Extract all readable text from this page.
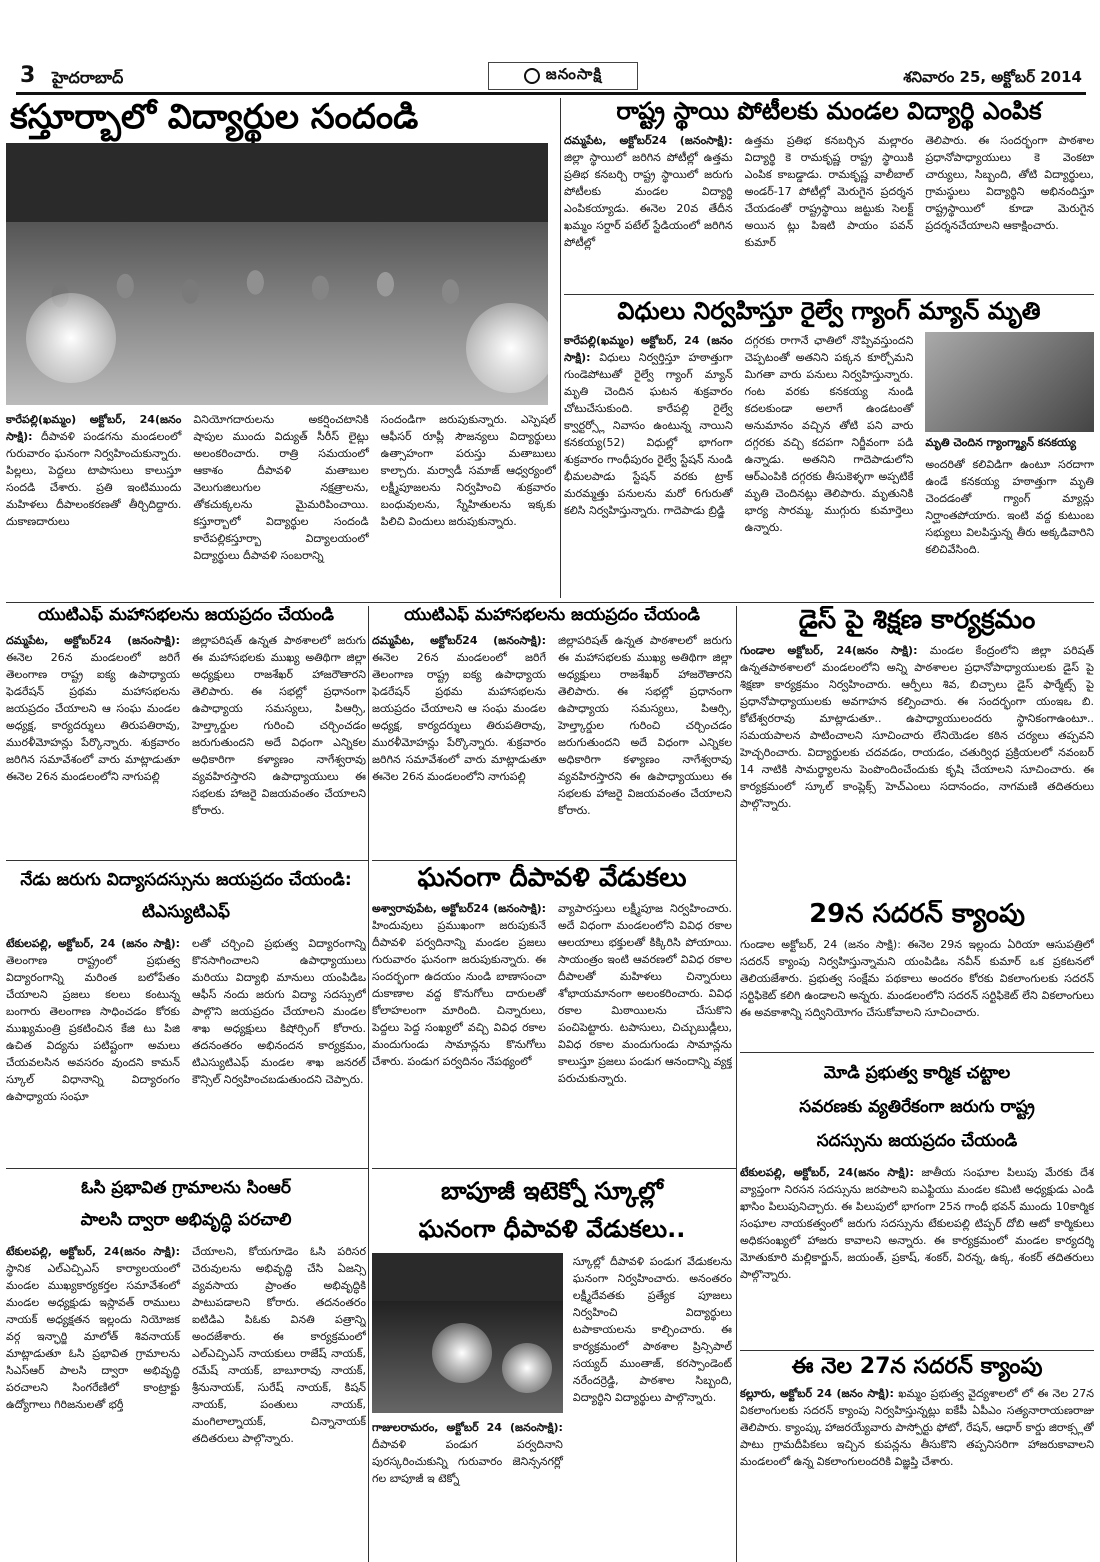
3 హైదరాబాద్	జనంసాక్షి	శనివారం 25, అక్టోబర్ 2014
కస్తూర్బాలో విద్యార్థుల సందండి
కారేపల్లి(ఖమ్మం) అక్టోబర్, 24(జనం సాక్షి): దీపావళి పండగను మండలంలో గురువారం ఘనంగా నిర్వహించుకున్నారు. పిల్లలు, పెద్దలు టాపాసులు కాలుస్తూ సందడి చేశారు. ప్రతి ఇంటిముందు మహిళలు దీపాలంకరణతో తీర్చిదిద్దారు. దుకాణదారులు
వినియోగదారులను అకర్షించటానికి షాపుల ముందు విద్యుత్ సీరీస్ లైట్లు అలంకరించారు. రాత్రి సమయంలో ఆకాశం దీపావళి మతాబుల వెలుగుజిలుగుల నక్షత్రాలను, తోకచుక్కలను మైమరిపించాయి. కస్తూర్బాలో విద్యార్థుల సందండి కారేపల్లికస్తూర్బా విద్యాలయంలో విద్యార్థులు దీపావళి సంబరాన్ని
సందండిగా జరుపుకున్నారు. ఎస్పెషల్ ఆఫీసర్ రూప్లీ సౌజన్యలు విద్యార్థులు ఉత్సాహంగా పరుస్తు మతాబులు కాల్చారు. మర్వాడీ సమాజ్ ఆధ్వర్యంలో లక్ష్మీపూజలను నిర్వహించి శుక్రవారం బంధువులను, స్నేహితులను ఇక్కకు పిలిచి విందులు జరుపుకున్నారు.
రాష్ట్ర స్థాయి పోటీలకు మండల విద్యార్థి ఎంపిక
దమ్మపేట, అక్టోబర్24 (జనంసాక్షి): జిల్లా స్థాయిలో జరిగిన పోటీల్లో ఉత్తమ ప్రతిభ కనబర్చి రాష్ట్ర స్థాయిలో జరుగు పోటీలకు మండల విద్యార్థి ఎంపికయ్యాడు. ఈనెల 20వ తేదీన ఖమ్మం సర్దార్ పటేల్ స్టేడియంలో జరిగిన పోటీల్లో
ఉత్తమ ప్రతిభ కనబర్చిన మల్లారం విద్యార్థి కె రామకృష్ణ రాష్ట్ర స్థాయికి ఎంపిక కాబడ్డాడు. రామకృష్ణ వాలీబాల్ అండర్-17 పోటీల్లో మెరుగైన ప్రదర్శన చేయడంతో రాష్ట్రస్థాయి జట్టుకు సెలక్ట్ అయిన ట్లు పిఇటి పాయం పవన్ కుమార్
తెలిపారు. ఈ సందర్భంగా పాఠశాల ప్రధానోపాధ్యాయులు కె వెంకటా చార్యులు, సిబ్బంది, తోటి విద్యార్థులు, గ్రామస్థులు విద్యార్థిని అభినందిస్తూ రాష్ట్రస్థాయిలో కూడా మెరుగైన ప్రదర్శనచేయాలని ఆకాక్షించారు.
విధులు నిర్వహిస్తూ రైల్వే గ్యాంగ్ మ్యాన్ మృతి
కారేపల్లి(ఖమ్మం) అక్టోబర్, 24 (జనం సాక్షి): విధులు నిర్వర్తిస్తూ హఠాత్తుగా గుండెపోటుతో రైల్వే గ్యాంగ్ మ్యాన్ మృతి చెందిన ఘటన శుక్రవారం చోటుచేసుకుంది. కారేపల్లి రైల్వే క్వార్టర్స్లో నివాసం ఉంటున్న నాయిని కనకయ్య(52) విధుల్లో భాగంగా శుక్రవారం గాంధీపురం రైల్వే స్టేషన్ నుండి భీమలపాడు స్టేషన్ వరకు ట్రాక్ మరమ్మత్తు పనులను మరో 6గురుతో కలిసి నిర్వహిస్తున్నారు. గాదెపాడు బ్రిడ్జి
దగ్గరకు రాగానే ఛాతిలో నొప్పివస్తుందని చెప్పటంతో అతనిని పక్కన కూర్చోమని మిగతా వారు పనులు నిర్వహిస్తున్నారు. గంట వరకు కనకయ్య నుండి కదలకుండా అలాగే ఉండటంతో అనుమానం వచ్చిన తోటి పని వారు దగ్గరకు వచ్చి కదపగా నిర్జీవంగా పడి ఉన్నాడు. అతనిని గాదెపాడులోని ఆర్ఎంపికి దగ్గరకు తీసుకెళ్ళగా అప్పటికే మృతి చెందినట్లు తెలిపారు. మృతునికి భార్య సారమ్మ, ముగ్గురు కుమార్తెలు ఉన్నారు.
మృతి చెందిన గ్యాంగ్మ్యాన్ కనకయ్య
అందరితో కలివిడిగా ఉంటూ సరదాగా ఉండే కనకయ్య హఠాత్తుగా మృతి చెందడంతో గ్యాంగ్ మ్యాన్లు నిర్ఘాంతపోయారు. ఇంటి వద్ద కుటుంబ సభ్యులు విలపిస్తున్న తీరు అక్కడివారిని కలిచివేసింది.
యుటిఎఫ్ మహాసభలను జయప్రదం చేయండి
దమ్మపేట, అక్టోబర్24 (జనంసాక్షి): ఈనెల 26న మండలంలో జరిగే తెలంగాణ రాష్ట్ర ఐక్య ఉపాధ్యాయ ఫెడరేషన్ ప్రథమ మహాసభలను జయప్రదం చేయాలని ఆ సంఘ మండల అధ్యక్ష, కార్యదర్శులు తిరుపతిరావు, మురళీమోహన్లు పేర్కొన్నారు. శుక్రవారం జరిగిన సమావేశంలో వారు మాట్లాడుతూ ఈనెల 26న మండలంలోని నాగుపల్లి
జిల్లాపరిషత్ ఉన్నత పాఠశాలలో జరుగు ఈ మహాసభలకు ముఖ్య అతిథిగా జిల్లా అధ్యక్షులు రాజశేఖర్ హాజరౌతారని తెలిపారు. ఈ సభల్లో ప్రధానంగా ఉపాధ్యాయ సమస్యలు, పిఆర్సి, హెల్త్కార్డుల గురించి చర్చించడం జరుగుతుందని అదే విధంగా ఎన్నికల అధికారిగా కళ్యాణం నాగేశ్వరావు వ్యవహిరస్తారని ఉపాధ్యాయులు ఈ సభలకు హాజరై విజయవంతం చేయాలని కోరారు.
యుటిఎఫ్ మహాసభలను జయప్రదం చేయండి
దమ్మపేట, అక్టోబర్24 (జనంసాక్షి): ఈనెల 26న మండలంలో జరిగే తెలంగాణ రాష్ట్ర ఐక్య ఉపాధ్యాయ ఫెడరేషన్ ప్రథమ మహాసభలను జయప్రదం చేయాలని ఆ సంఘ మండల అధ్యక్ష, కార్యదర్శులు తిరుపతిరావు, మురళీమోహన్లు పేర్కొన్నారు. శుక్రవారం జరిగిన సమావేశంలో వారు మాట్లాడుతూ ఈనెల 26న మండలంలోని నాగుపల్లి
జిల్లాపరిషత్ ఉన్నత పాఠశాలలో జరుగు ఈ మహాసభలకు ముఖ్య అతిథిగా జిల్లా అధ్యక్షులు రాజశేఖర్ హాజరౌతారని తెలిపారు. ఈ సభల్లో ప్రధానంగా ఉపాధ్యాయ సమస్యలు, పిఆర్సి, హెల్త్కార్డుల గురించి చర్చించడం జరుగుతుందని అదే విధంగా ఎన్నికల అధికారిగా కళ్యాణం నాగేశ్వరావు వ్యవహిరస్తారని ఈ ఉపాధ్యాయులు ఈ సభలకు హాజరై విజయవంతం చేయాలని కోరారు.
డైస్ పై శిక్షణ కార్యక్రమం
గుండాల అక్టోబర్, 24(జనం సాక్షి): మండల కేంద్రంలోని జిల్లా పరిషత్ ఉన్నతపాఠశాలలో మండలంలోని అన్ని పాఠశాలల ప్రధానోపాధ్యాయులకు డైస్ పై శిక్షణా కార్యక్రమం నిర్వహించారు. ఆర్పీలు శివ, బిచ్చాలు డైస్ ఫార్మేట్స్ పై ప్రధానోపాధ్యాయులకు అవగాహన కల్పించారు. ఈ సందర్భంగా యంఇఒ బి. కోటేశ్వరరావు మాట్లాడుతూ.. ఉపాధ్యాయులందరు స్థానికంగాఉంటూ.. సమయపాలన పాటించాలని సూచించారు లేనియెడల కఠిన చర్యలు తప్పవని హెచ్చరించారు. విద్యార్థులకు చదవడం, రాయడం, చతుర్విధ ప్రక్రియలలో నవంబర్ 14 నాటికి సామర్థ్యాలను పెంపొందించేందుకు కృషి చేయాలని సూచించారు. ఈ కార్యక్రమంలో స్కూల్ కాంప్లెక్స్ హెచ్ఎంలు సదానందం, నాగమణి తదితరులు పాల్గొన్నారు.
నేడు జరుగు విద్యాసదస్సును జయప్రదం చేయండి: టిఎస్యుటిఎఫ్
టేకులపల్లి, అక్టోబర్, 24 (జనం సాక్షి): తెలంగాణ రాష్ట్రంలో ప్రభుత్వ విద్యారంగాన్ని మరింత బలోపేతం చేయాలని ప్రజలు కలలు కంటున్న బంగారు తెలంగాణ సాధించడం కోరకు ముఖ్యమంత్రి ప్రకటించిన కేజి టు పిజి ఉచిత విద్యను పటిష్టంగా అమలు చేయవలసిన అవసరం వుందని కామన్ స్కూల్ విధానాన్ని విద్యారంగం ఉపాధ్యాయ సంఘా
లతో చర్చించి ప్రభుత్వ విద్యారంగాన్ని కొనసాగించాలని ఉపాధ్యాయులు మరియు విద్యాభి మానులు యంపిడిఒ ఆఫీస్ నందు జరుగు విద్యా సదస్సులో పాల్గొని జయప్రదం చేయాలని మండల శాఖ అధ్యక్షులు కిషోర్సింగ్ కోరారు. తదనంతరం అభినందన కార్యక్రమం, టిఎస్యుటిఎఫ్ మండల శాఖ జనరల్ కౌన్సిల్ నిర్వహించబడుతుందని చెప్పారు.
ఘనంగా దీపావళి వేడుకలు
అశ్వారావుపేట, అక్టోబర్24 (జనంసాక్షి): హిందువులు ప్రముఖంగా జరుపుకునే దీపావళి పర్వదినాన్ని మండల ప్రజలు గురువారం ఘనంగా జరుపుకున్నారు. ఈ సందర్భంగా ఉదయం నుండి బాణాసంచా దుకాణాల వద్ద కొనుగోలు దారులతో కోలాహలంగా మారింది. చిన్నారులు, పెద్దలు పెద్ద సంఖ్యలో వచ్చి వివిధ రకాల మందుగుండు సామాన్లను కొనుగోలు చేశారు. పండుగ పర్వదినం నేపథ్యంలో
వ్యాపారస్తులు లక్ష్మీపూజ నిర్వహించారు. అదే విధంగా మండలంలోని వివిధ రకాల ఆలయాలు భక్తులతో కిక్కిరిసి పోయాయి. సాయంత్రం ఇంటి ఆవరణలో వివిధ రకాల దీపాలతో మహిళలు చిన్నారులు శోభాయమానంగా అలంకరించారు. వివిధ రకాల మిఠాయిలను చేసుకొని పంచిపెట్టారు. టపాసులు, చిచ్చుబుడ్లీలు, వివిధ రకాల మందుగుండు సామాన్లను కాలుస్తూ ప్రజలు పండుగ ఆనందాన్ని వ్యక్త పరుచుకున్నారు.
29న సదరన్ క్యాంపు
గుండాల అక్టోబర్, 24 (జనం సాక్షి): ఈనెల 29న ఇల్లందు ఏరియా ఆసుపత్రిలో సదరన్ క్యాంపు నిర్వహిస్తున్నామని యంపిడిఒ నవీన్ కుమార్ ఒక ప్రకటనలో తెలియజేశారు. ప్రభుత్వ సంక్షేమ పథకాలు అందరం కోరకు వికలాంగులకు సదరన్ సర్టిఫికెట్ కలిగి ఉండాలని అన్నరు. మండలంలోని సదరన్ సర్టిఫికెట్ లేని వికలాంగులు ఈ అవకాశాన్ని సద్వినియోగం చేసుకోవాలని సూచించారు.
మోడి ప్రభుత్వ కార్మిక చట్టాల
సవరణకు వ్యతిరేకంగా జరుగు రాష్ట్ర
సదస్సును జయప్రదం చేయండి
టేకులపల్లి, అక్టోబర్, 24(జనం సాక్షి): జాతీయ సంఘాల పిలుపు మేరకు దేశ వ్యాప్తంగా నిరసన సదస్సును జరపాలని ఐఎఫ్టియు మండల కమిటి అధ్యక్షుడు ఎండి ఖాసిం పిలుపునిచ్చారు. ఈ పిలుపులో భాగంగా 25న గాంధీ భవన్ ముందు 10కార్మిక సంఘాల నాయకత్వంలో జరుగు సదస్సును టేకులపల్లి టిప్పర్ దోబి ఆటో కార్మికులు అధికసంఖ్యలో హాజరు కావాలని అన్నారు. ఈ కార్యక్రమంలో మండల కార్యదర్శి మోతుకూరి మల్లికార్జున్, జయంత్, ప్రకాష్, శంకర్, విరన్న, ఉక్క, శంకర్ తదితరులు పాల్గొన్నారు.
ఓసి ప్రభావిత గ్రామాలను సింఆర్
పాలసి ద్వారా అభివృద్ధి పరచాలి
టేకులపల్లి, అక్టోబర్, 24(జనం సాక్షి): స్థానిక ఎల్ఎచ్పిఎస్ కార్యాలయంలో మండల ముఖ్యకార్యకర్తల సమావేశంలో మండల అధ్యక్షుడు ఇస్లావత్ రాములు నాయక్ అధ్యక్షతన ఇల్లందు నియోజక వర్గ ఇన్ఛార్జి మాలోత్ శివనాయక్ మాట్లాడుతూ ఓసి ప్రభావిత గ్రామాలను సిఎస్ఆర్ పాలసి ద్వారా అభివృద్ధి పరచాలని సింగరేణిలో కాంట్రాక్టు ఉద్యోగాలు గిరిజనులతో భర్తీ
చేయాలని, కోయగూడెం ఓసి పరిసర చెరువులను అభివృద్ధి చేసి ఏజన్సి వ్యవసాయ ప్రాంతం అభివృద్ధికి పాటుపడాలని కోరారు. తదనంతరం ఐటిడిఎ పిఓకు వినతి పత్రాన్ని అందజేశారు. ఈ కార్యక్రమంలో ఎల్ఎచ్పిఎస్ నాయకులు రాజేష్ నాయక్, రమేష్ నాయక్, బాబూరావు నాయక్, శ్రీనునాయక్, సురేష్ నాయక్, కిషన్ నాయక్, పంతులు నాయక్, మంగిలాల్నాయక్, చిన్నానాయక్ తదితరులు పాల్గొన్నారు.
బాపూజీ ఇటెక్నో స్కూల్లో
ఘనంగా ధీపావళి వేడుకలు..
గాజులరామరం, అక్టోబర్ 24 (జనంసాక్షి): దీపావళి పండుగ పర్వదినాని పురస్కరించుకున్ని గురువారం జెనిన్సనగర్లో గల బాపూజీ ఇ టెక్నో
స్కూల్లో దీపావళి పండుగ వేడుకలను ఘనంగా నిర్వహించారు. అనంతరం లక్ష్మీదేవతకు ప్రత్యేక పూజలు నిర్వహించి విద్యార్థులు టపాకాయలను కాల్చించారు. ఈ కార్యక్రమంలో పాఠశాల ప్రిన్సిపాల్ సయ్యద్ ముంతాజ్, కరస్పాండెంట్ నరేందర్రెడ్డి, పాఠశాల సిబ్బంది, విద్యార్థిని విద్యార్థులు పాల్గొన్నారు.
ఈ నెల 27న సదరన్ క్యాంపు
కల్లూరు, అక్టోబర్ 24 (జనం సాక్షి): ఖమ్మం ప్రభుత్వ వైద్యశాలలో లో ఈ నెల 27న వికలాంగులకు సదరన్ క్యాంపు నిర్వహిస్తున్నట్లు ఐకేపీ ఏపీఎం సత్యనారాయణరాజు తెలిపారు. క్యాంప్కు హాజరయ్యేవారు పాస్పోర్టు ఫోటో, రేషన్, ఆధార్ కార్డు జిరాక్స్లతో పాటు గ్రామదీపికలు ఇచ్చిన కుపన్లను తీసుకొని తప్పనిసరిగా హాజరుకావాలని మండలంలో ఉన్న వికలాంగులందరికి విజ్ఞప్తి చేశారు.
